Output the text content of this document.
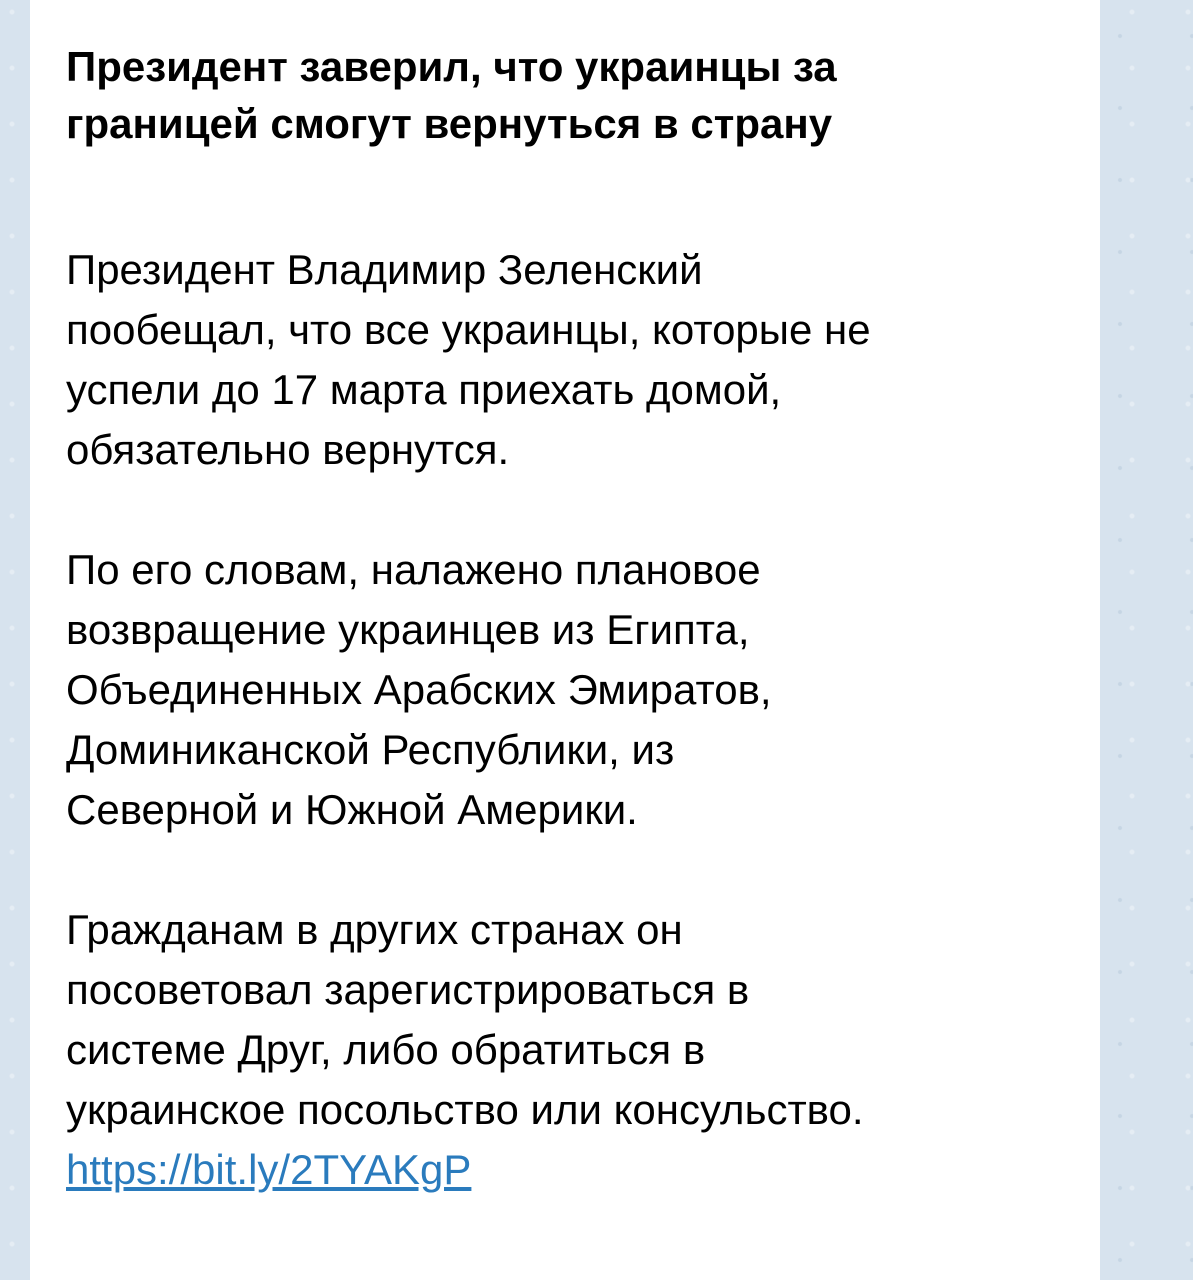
Президент заверил, что украинцы за
границей смогут вернуться в страну

Президент Владимир Зеленский
пообещал, что все украинцы, которые не
успели до 17 марта приехать домой,
обязательно вернутся.

По его словам, налажено плановое
возвращение украинцев из Египта,
Объединенных Арабских Эмиратов,
Доминиканской Республики, из
Северной и Южной Америки.

Гражданам в других странах он
посоветовал зарегистрироваться в
системе Друг, либо обратиться в
украинское посольство или консульство.
https://bit.ly/2TYAKgP
